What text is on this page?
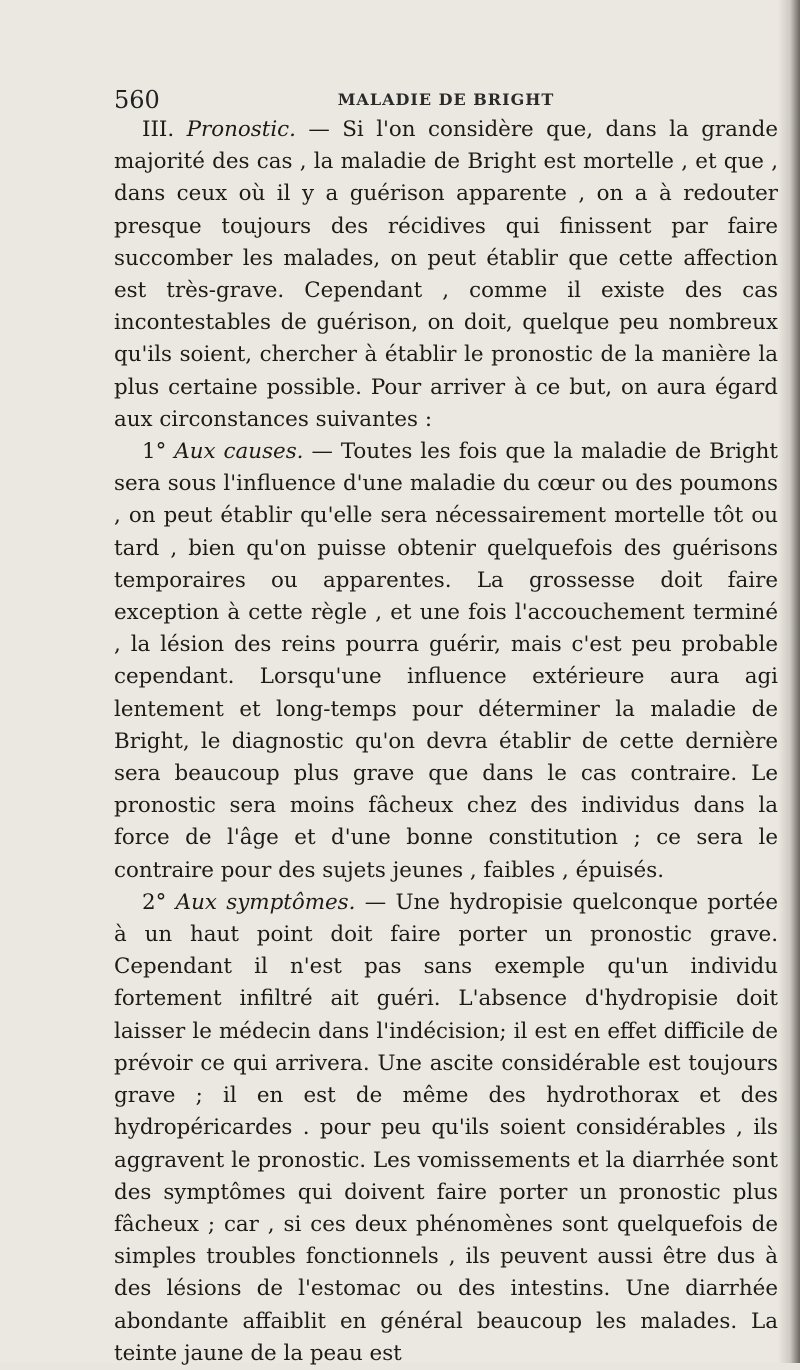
560	MALADIE DE BRIGHT

III. Pronostic. — Si l'on considère que, dans la grande majorité des cas , la maladie de Bright est mortelle , et que , dans ceux où il y a guérison apparente , on a à redouter presque toujours des récidives qui finissent par faire succomber les malades, on peut établir que cette affection est très-grave. Cependant , comme il existe des cas incontestables de guérison, on doit, quelque peu nombreux qu'ils soient, chercher à établir le pronostic de la manière la plus certaine possible. Pour arriver à ce but, on aura égard aux circonstances suivantes :

1° Aux causes. — Toutes les fois que la maladie de Bright sera sous l'influence d'une maladie du cœur ou des poumons , on peut établir qu'elle sera nécessairement mortelle tôt ou tard , bien qu'on puisse obtenir quelquefois des guérisons temporaires ou apparentes. La grossesse doit faire exception à cette règle , et une fois l'accouchement terminé , la lésion des reins pourra guérir, mais c'est peu probable cependant. Lorsqu'une influence extérieure aura agi lentement et long-temps pour déterminer la maladie de Bright, le diagnostic qu'on devra établir de cette dernière sera beaucoup plus grave que dans le cas contraire. Le pronostic sera moins fâcheux chez des individus dans la force de l'âge et d'une bonne constitution ; ce sera le contraire pour des sujets jeunes , faibles , épuisés.

2° Aux symptômes. — Une hydropisie quelconque portée à un haut point doit faire porter un pronostic grave. Cependant il n'est pas sans exemple qu'un individu fortement infiltré ait guéri. L'absence d'hydropisie doit laisser le médecin dans l'indécision; il est en effet difficile de prévoir ce qui arrivera. Une ascite considérable est toujours grave ; il en est de même des hydrothorax et des hydropéricardes . pour peu qu'ils soient considérables , ils aggravent le pronostic. Les vomissements et la diarrhée sont des symptômes qui doivent faire porter un pronostic plus fâcheux ; car , si ces deux phénomènes sont quelquefois de simples troubles fonctionnels , ils peuvent aussi être dus à des lésions de l'estomac ou des intestins. Une diarrhée abondante affaiblit en général beaucoup les malades. La teinte jaune de la peau est
